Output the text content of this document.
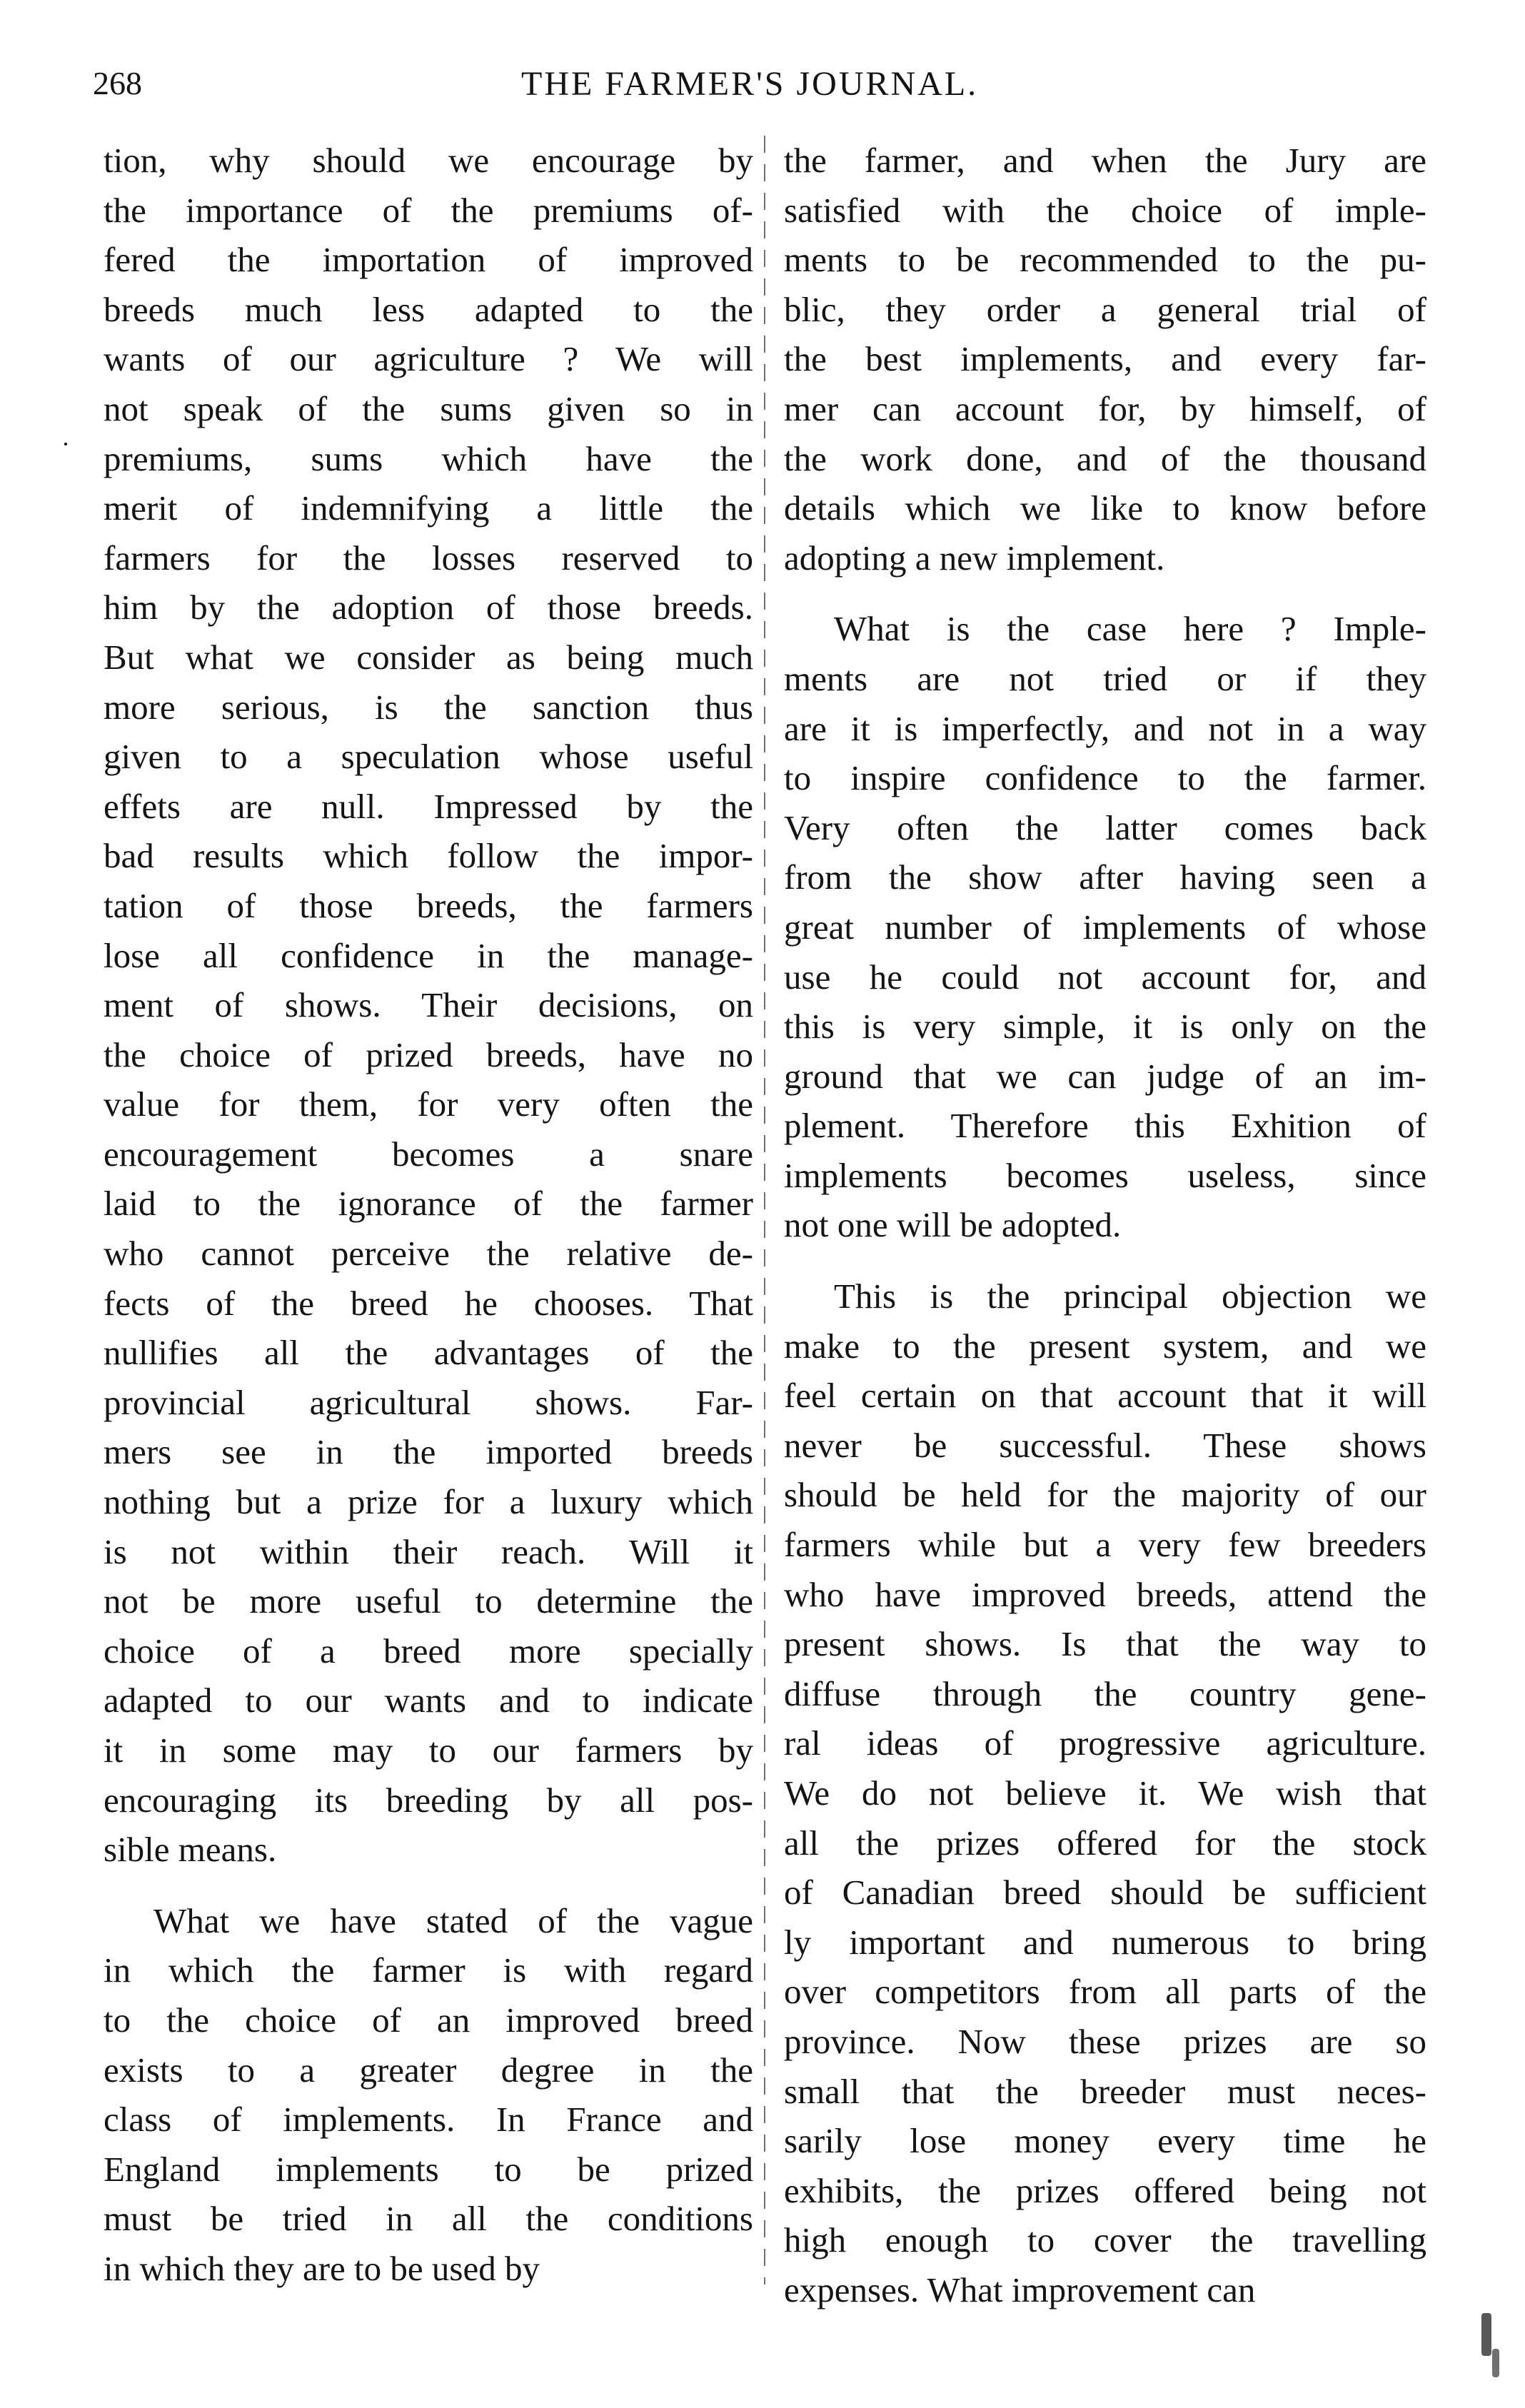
268	THE FARMER'S JOURNAL.

tion, why should we encourage by
the importance of the premiums of-
fered the importation of improved
breeds much less adapted to the
wants of our agriculture ? We will
not speak of the sums given so in
premiums, sums which have the
merit of indemnifying a little the
farmers for the losses reserved to
him by the adoption of those breeds.
But what we consider as being much
more serious, is the sanction thus
given to a speculation whose useful
effets are null. Impressed by the
bad results which follow the impor-
tation of those breeds, the farmers
lose all confidence in the manage-
ment of shows. Their decisions, on
the choice of prized breeds, have no
value for them, for very often the
encouragement becomes a snare
laid to the ignorance of the farmer
who cannot perceive the relative de-
fects of the breed he chooses. That
nullifies all the advantages of the
provincial agricultural shows. Far-
mers see in the imported breeds
nothing but a prize for a luxury which
is not within their reach. Will it
not be more useful to determine the
choice of a breed more specially
adapted to our wants and to indicate
it in some may to our farmers by
encouraging its breeding by all pos-
sible means.

What we have stated of the vague
in which the farmer is with regard
to the choice of an improved breed
exists to a greater degree in the
class of implements. In France and
England implements to be prized
must be tried in all the conditions
in which they are to be used by

the farmer, and when the Jury are
satisfied with the choice of imple-
ments to be recommended to the pu-
blic, they order a general trial of
the best implements, and every far-
mer can account for, by himself, of
the work done, and of the thousand
details which we like to know before
adopting a new implement.

What is the case here ? Imple-
ments are not tried or if they
are it is imperfectly, and not in a way
to inspire confidence to the farmer.
Very often the latter comes back
from the show after having seen a
great number of implements of whose
use he could not account for, and
this is very simple, it is only on the
ground that we can judge of an im-
plement. Therefore this Exhition of
implements becomes useless, since
not one will be adopted.

This is the principal objection we
make to the present system, and we
feel certain on that account that it will
never be successful. These shows
should be held for the majority of our
farmers while but a very few breeders
who have improved breeds, attend the
present shows. Is that the way to
diffuse through the country gene-
ral ideas of progressive agriculture.
We do not believe it. We wish that
all the prizes offered for the stock
of Canadian breed should be sufficient
ly important and numerous to bring
over competitors from all parts of the
province. Now these prizes are so
small that the breeder must neces-
sarily lose money every time he
exhibits, the prizes offered being not
high enough to cover the travelling
expenses. What improvement can
